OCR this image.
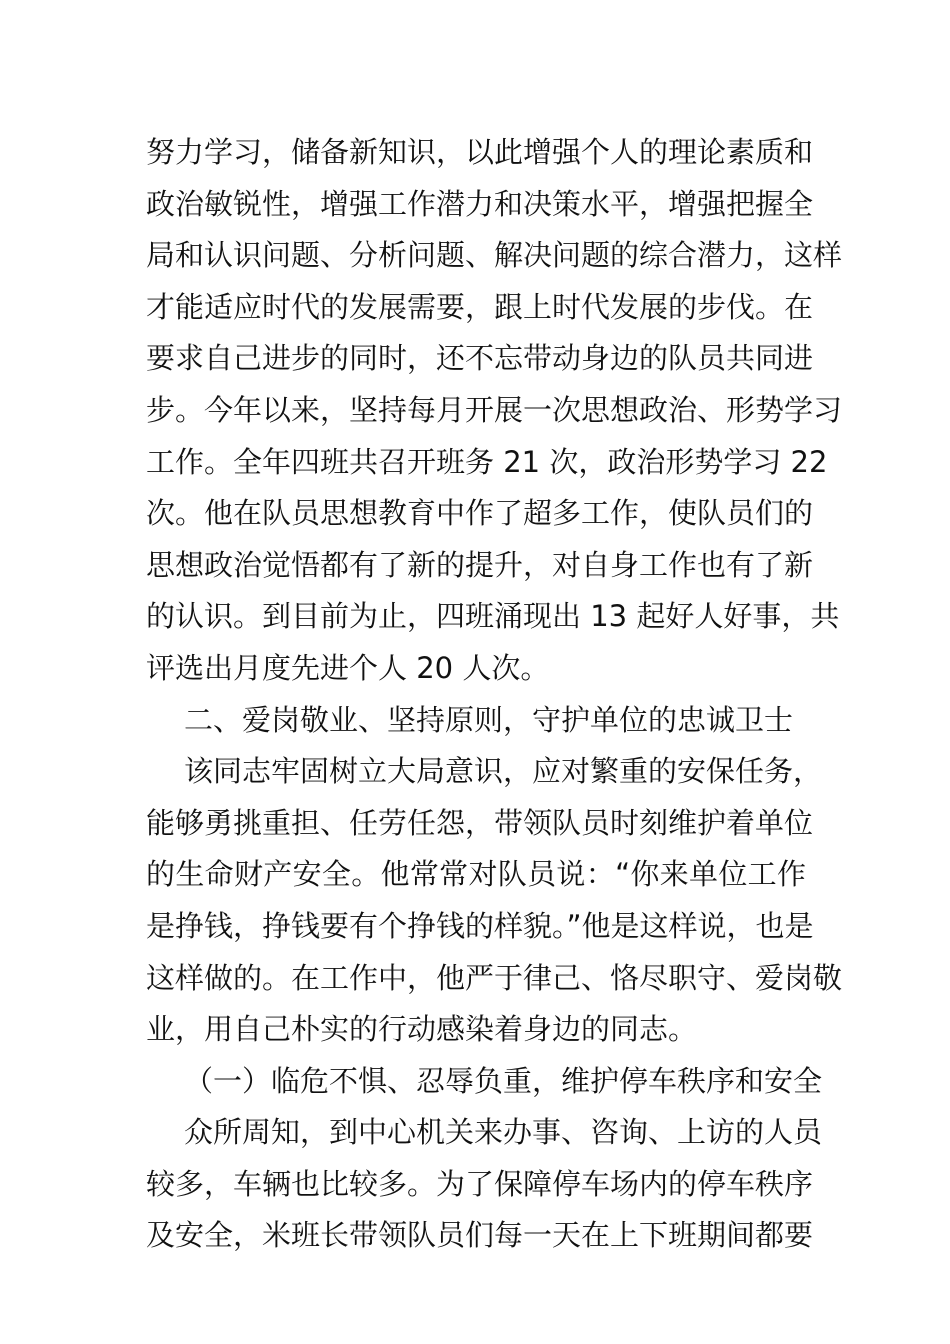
努力学习，储备新知识，以此增强个人的理论素质和
政治敏锐性，增强工作潜力和决策水平，增强把握全
局和认识问题、分析问题、解决问题的综合潜力，这样
才能适应时代的发展需要，跟上时代发展的步伐。在
要求自己进步的同时，还不忘带动身边的队员共同进
步。今年以来，坚持每月开展一次思想政治、形势学习
工作。全年四班共召开班务 21 次，政治形势学习 22
次。他在队员思想教育中作了超多工作，使队员们的
思想政治觉悟都有了新的提升，对自身工作也有了新
的认识。到目前为止，四班涌现出 13 起好人好事，共
评选出月度先进个人 20 人次。
二、爱岗敬业、坚持原则，守护单位的忠诚卫士
该同志牢固树立大局意识，应对繁重的安保任务，
能够勇挑重担、任劳任怨，带领队员时刻维护着单位
的生命财产安全。他常常对队员说：“你来单位工作
是挣钱，挣钱要有个挣钱的样貌。”他是这样说，也是
这样做的。在工作中，他严于律己、恪尽职守、爱岗敬
业，用自己朴实的行动感染着身边的同志。
（一）临危不惧、忍辱负重，维护停车秩序和安全
众所周知，到中心机关来办事、咨询、上访的人员
较多，车辆也比较多。为了保障停车场内的停车秩序
及安全，米班长带领队员们每一天在上下班期间都要
